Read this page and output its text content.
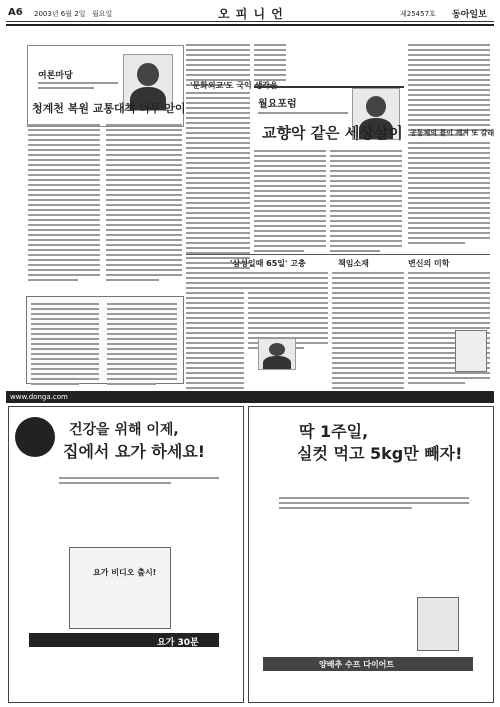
A6 2003년 6월 2일 월요일	오 피 니 언	제25457호 동아일보
여론마당
청계천 복원 교통대책 너무 안이
'문화외교'도 국익 생각을
월요포럼
교향악 같은 세상살이 공동체의 틀이 깨져 또 갈래
'삼성일때 65일' 고충	책임소재	변신의 미학
www.donga.com
건강을 위해 이제,
집에서 요가 하세요!
요가 비디오 출시!
요가 30분
딱 1주일,
실컷 먹고 5kg만 빼자!
양배추 수프 다이어트
